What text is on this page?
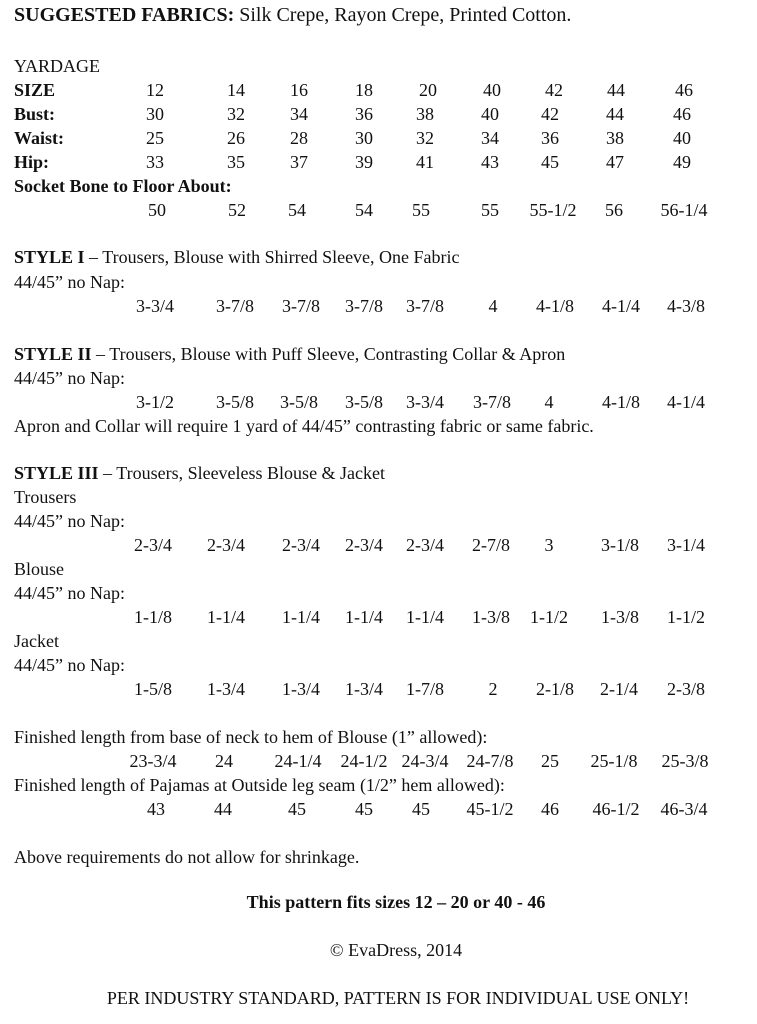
SUGGESTED FABRICS: Silk Crepe, Rayon Crepe, Printed Cotton.
YARDAGE
SIZE	12	14	16	18	20	40 42 44	46
Bust:	30	32	34	36 38	40 42	44	46
Waist:	25	26	28	30 32	34 36	38	40
Hip:	33	35	37	39 41	43 45	47	49
Socket Bone to Floor About:
50	52 54	54 55	55 55-1/2 56 56-1/4
STYLE I – Trousers, Blouse with Shirred Sleeve, One Fabric
44/45” no Nap:
3-3/4 3-7/8 3-7/8 3-7/8 3-7/8 4 4-1/8 4-1/4 4-3/8
STYLE II – Trousers, Blouse with Puff Sleeve, Contrasting Collar & Apron
44/45” no Nap:
3-1/2 3-5/8 3-5/8 3-5/8 3-3/4 3-7/8 4	4-1/8 4-1/4
Apron and Collar will require 1 yard of 44/45” contrasting fabric or same fabric.
STYLE III – Trousers, Sleeveless Blouse & Jacket
Trousers
44/45” no Nap:
2-3/4 2-3/4 2-3/4 2-3/4 2-3/4 2-7/8 3	3-1/8 3-1/4
Blouse
44/45” no Nap:
1-1/8 1-1/4 1-1/4 1-1/4 1-1/4 1-3/8 1-1/2 1-3/8 1-1/2
Jacket
44/45” no Nap:
1-5/8 1-3/4 1-3/4 1-3/4 1-7/8 2 2-1/8 2-1/4 2-3/8
Finished length from base of neck to hem of Blouse (1” allowed):
23-3/4 24 24-1/4 24-1/2 24-3/4 24-7/8 25 25-1/8 25-3/8
Finished length of Pajamas at Outside leg seam (1/2” hem allowed):
43	44	45	45 45 45-1/2 46 46-1/2 46-3/4
Above requirements do not allow for shrinkage.
This pattern fits sizes 12 – 20 or 40 - 46
© EvaDress, 2014
PER INDUSTRY STANDARD, PATTERN IS FOR INDIVIDUAL USE ONLY!
